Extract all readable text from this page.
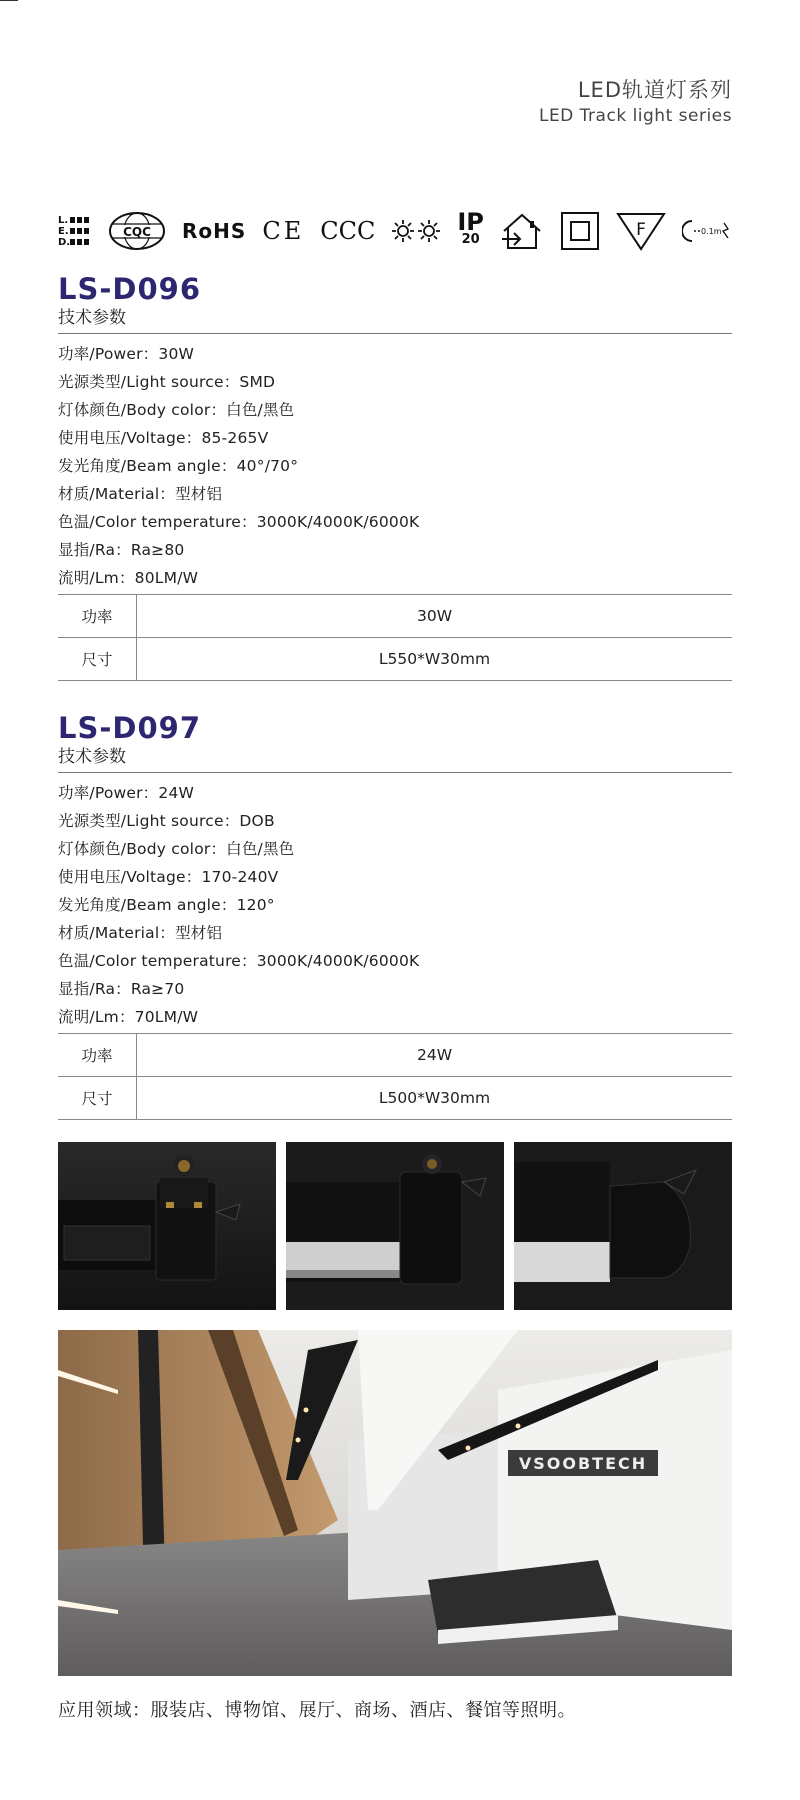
LED轨道灯系列
LED Track light series
L.
E.
D.
CQC RoHS CE CCC	IP
20	F	0.1m
LS-D096
技术参数
功率/Power：30W
光源类型/Light source：SMD
灯体颜色/Body color：白色/黑色
使用电压/Voltage：85-265V
发光角度/Beam angle：40°/70°
材质/Material：型材铝
色温/Color temperature：3000K/4000K/6000K
显指/Ra：Ra≥80
流明/Lm：80LM/W
功率	30W
尺寸	L550*W30mm
LS-D097
技术参数
功率/Power：24W
光源类型/Light source：DOB
灯体颜色/Body color：白色/黑色
使用电压/Voltage：170-240V
发光角度/Beam angle：120°
材质/Material：型材铝
色温/Color temperature：3000K/4000K/6000K
显指/Ra：Ra≥70
流明/Lm：70LM/W
功率	24W
尺寸	L500*W30mm
VSOOBTECH
应用领域：服装店、博物馆、展厅、商场、酒店、餐馆等照明。
